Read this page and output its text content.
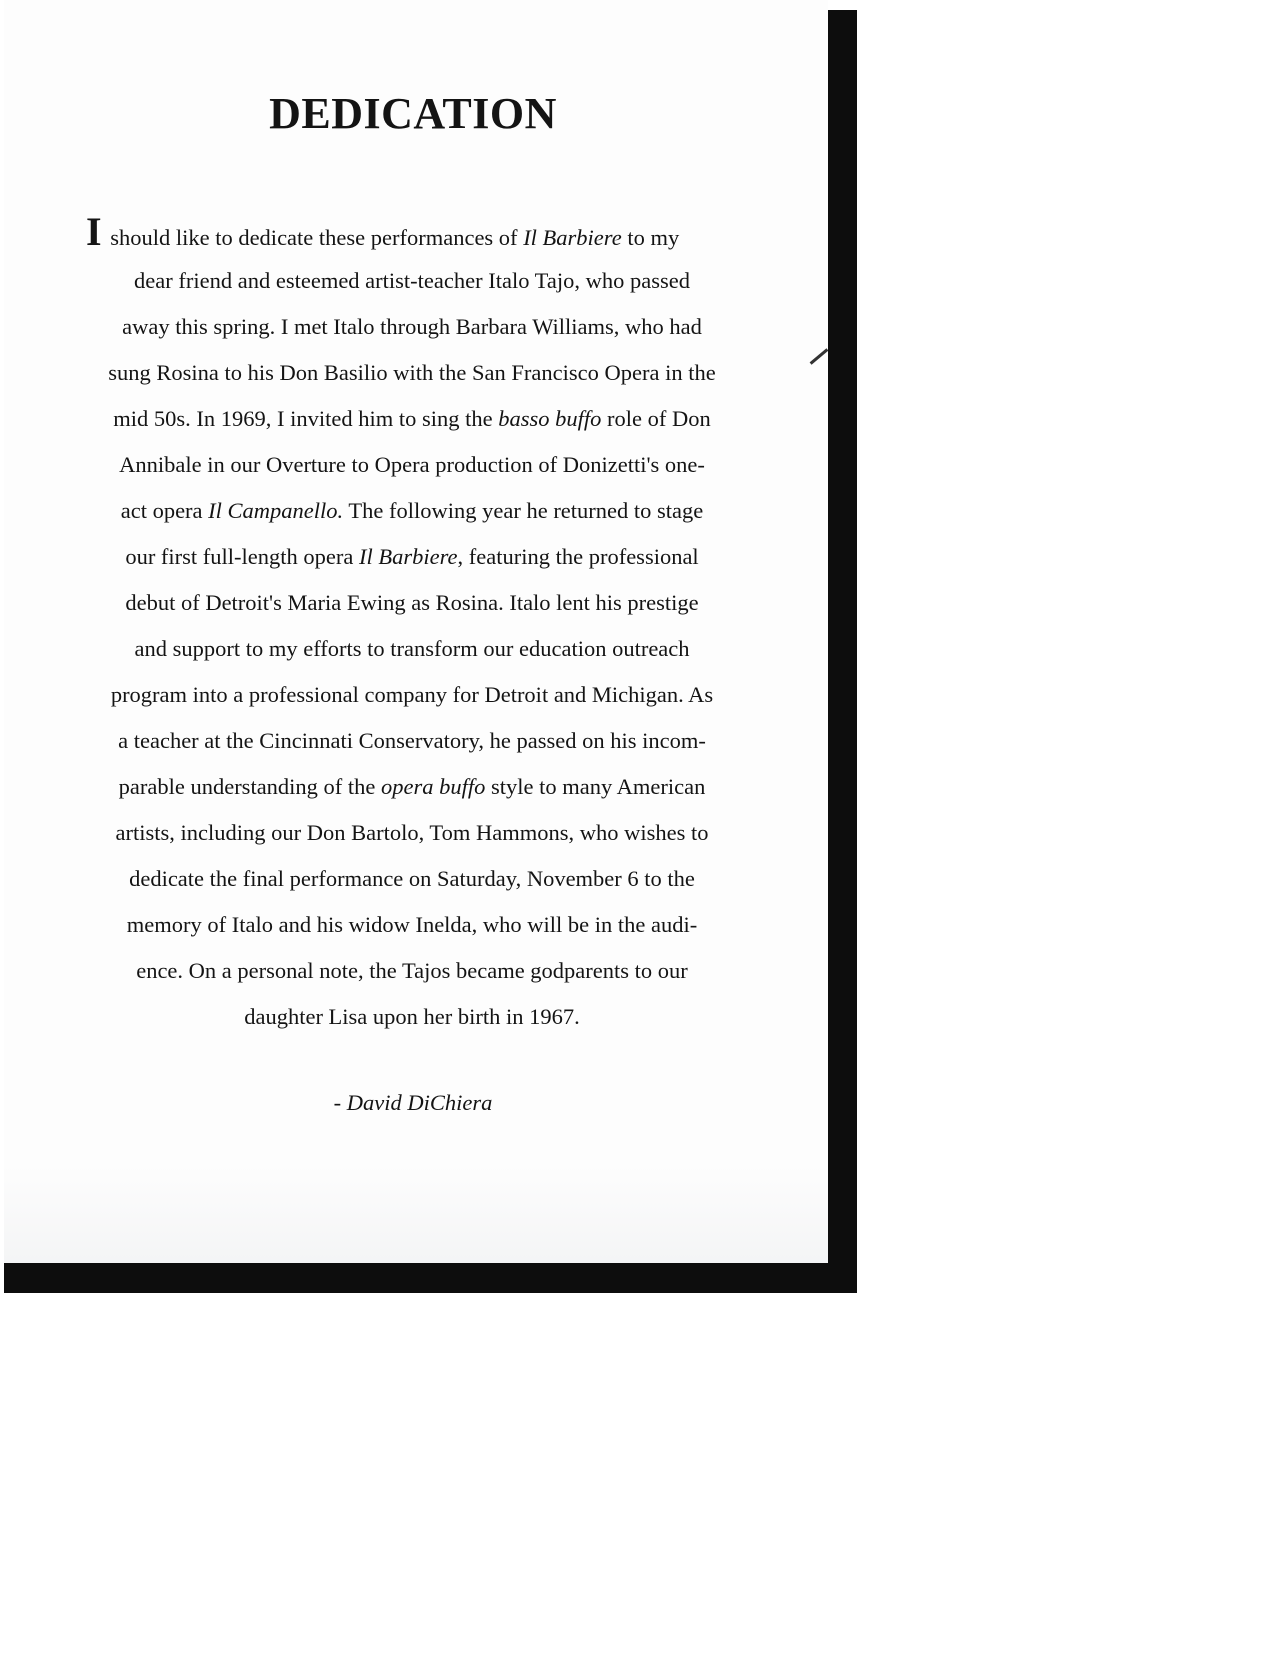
DEDICATION
I should like to dedicate these performances of Il Barbiere to my
dear friend and esteemed artist-teacher Italo Tajo, who passed
away this spring. I met Italo through Barbara Williams, who had
sung Rosina to his Don Basilio with the San Francisco Opera in the
mid 50s. In 1969, I invited him to sing the basso buffo role of Don
Annibale in our Overture to Opera production of Donizetti's one-
act opera Il Campanello. The following year he returned to stage
our first full-length opera Il Barbiere, featuring the professional
debut of Detroit's Maria Ewing as Rosina. Italo lent his prestige
and support to my efforts to transform our education outreach
program into a professional company for Detroit and Michigan. As
a teacher at the Cincinnati Conservatory, he passed on his incom-
parable understanding of the opera buffo style to many American
artists, including our Don Bartolo, Tom Hammons, who wishes to
dedicate the final performance on Saturday, November 6 to the
memory of Italo and his widow Inelda, who will be in the audi-
ence. On a personal note, the Tajos became godparents to our
daughter Lisa upon her birth in 1967.

- David DiChiera
